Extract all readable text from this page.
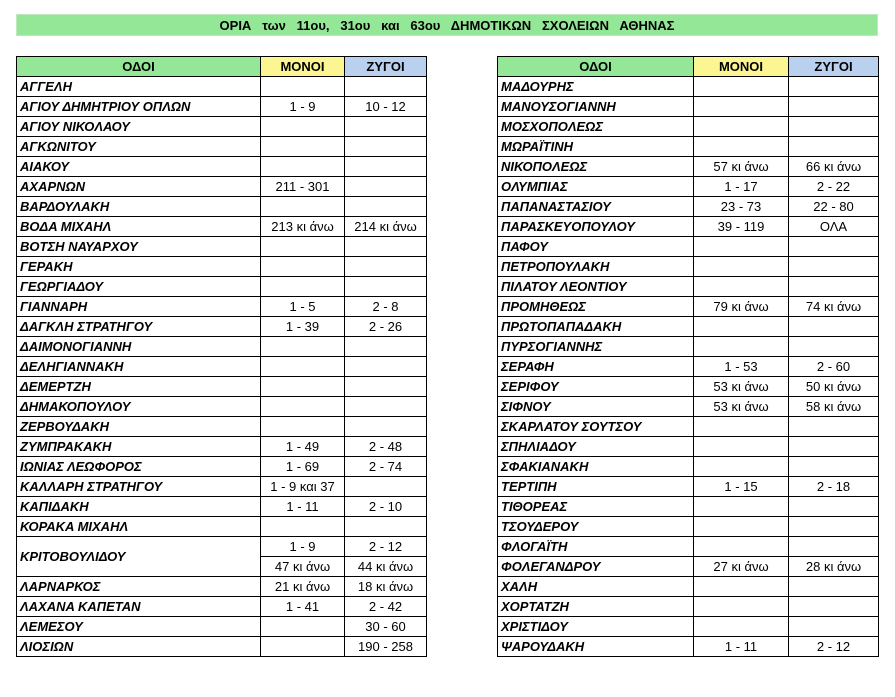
ΟΡΙΑ   των   11ου,   31ου   και   63ου   ΔΗΜΟΤΙΚΩΝ   ΣΧΟΛΕΙΩΝ   ΑΘΗΝΑΣ
ΟΔΟΙ	ΜΟΝΟΙ	ΖΥΓΟΙ
ΑΓΓΕΛΗ		
ΑΓΙΟΥ ΔΗΜΗΤΡΙΟΥ ΟΠΛΩΝ	1 - 9	10 - 12
ΑΓΙΟΥ ΝΙΚΟΛΑΟΥ		
ΑΓΚΩΝΙΤΟΥ		
ΑΙΑΚΟΥ		
ΑΧΑΡΝΩΝ	211 - 301	
ΒΑΡΔΟΥΛΑΚΗ		
ΒΟΔΑ ΜΙΧΑΗΛ	213 κι άνω	214 κι άνω
ΒΟΤΣΗ ΝΑΥΑΡΧΟΥ		
ΓΕΡΑΚΗ		
ΓΕΩΡΓΙΑΔΟΥ		
ΓΙΑΝΝΑΡΗ	1 - 5	2 - 8
ΔΑΓΚΛΗ ΣΤΡΑΤΗΓΟΥ	1 - 39	2 - 26
ΔΑΙΜΟΝΟΓΙΑΝΝΗ		
ΔΕΛΗΓΙΑΝΝΑΚΗ		
ΔΕΜΕΡΤΖΗ		
ΔΗΜΑΚΟΠΟΥΛΟΥ		
ΖΕΡΒΟΥΔΑΚΗ		
ΖΥΜΠΡΑΚΑΚΗ	1 - 49	2 - 48
ΙΩΝΙΑΣ ΛΕΩΦΟΡΟΣ	1 - 69	2 - 74
ΚΑΛΛΑΡΗ ΣΤΡΑΤΗΓΟΥ	1 - 9 και 37	
ΚΑΠΙΔΑΚΗ	1 - 11	2 - 10
ΚΟΡΑΚΑ ΜΙΧΑΗΛ		
ΚΡΙΤΟΒΟΥΛΙΔΟΥ	1 - 9	2 - 12
	47 κι άνω	44 κι άνω
ΛΑΡΝΑΡΚΟΣ	21 κι άνω	18 κι άνω
ΛΑΧΑΝΑ ΚΑΠΕΤΑΝ	1 - 41	2 - 42
ΛΕΜΕΣΟΥ		30 - 60
ΛΙΟΣΙΩΝ		190 - 258
ΟΔΟΙ	ΜΟΝΟΙ	ΖΥΓΟΙ
ΜΑΔΟΥΡΗΣ		
ΜΑΝΟΥΣΟΓΙΑΝΝΗ		
ΜΟΣΧΟΠΟΛΕΩΣ		
ΜΩΡΑΪΤΙΝΗ		
ΝΙΚΟΠΟΛΕΩΣ	57 κι άνω	66 κι άνω
ΟΛΥΜΠΙΑΣ	1 - 17	2 - 22
ΠΑΠΑΝΑΣΤΑΣΙΟΥ	23 - 73	22 - 80
ΠΑΡΑΣΚΕΥΟΠΟΥΛΟΥ	39 - 119	ΟΛΑ
ΠΑΦΟΥ		
ΠΕΤΡΟΠΟΥΛΑΚΗ		
ΠΙΛΑΤΟΥ ΛΕΟΝΤΙΟΥ		
ΠΡΟΜΗΘΕΩΣ	79 κι άνω	74 κι άνω
ΠΡΩΤΟΠΑΠΑΔΑΚΗ		
ΠΥΡΣΟΓΙΑΝΝΗΣ		
ΣΕΡΑΦΗ	1 - 53	2 - 60
ΣΕΡΙΦΟΥ	53 κι άνω	50 κι άνω
ΣΙΦΝΟΥ	53 κι άνω	58 κι άνω
ΣΚΑΡΛΑΤΟΥ ΣΟΥΤΣΟΥ		
ΣΠΗΛΙΑΔΟΥ		
ΣΦΑΚΙΑΝΑΚΗ		
ΤΕΡΤΙΠΗ	1 - 15	2 - 18
ΤΙΘΟΡΕΑΣ		
ΤΣΟΥΔΕΡΟΥ		
ΦΛΟΓΑΪΤΗ		
ΦΟΛΕΓΑΝΔΡΟΥ	27 κι άνω	28 κι άνω
ΧΑΛΗ		
ΧΟΡΤΑΤΖΗ		
ΧΡΙΣΤΙΔΟΥ		
ΨΑΡΟΥΔΑΚΗ	1 - 11	2 - 12
